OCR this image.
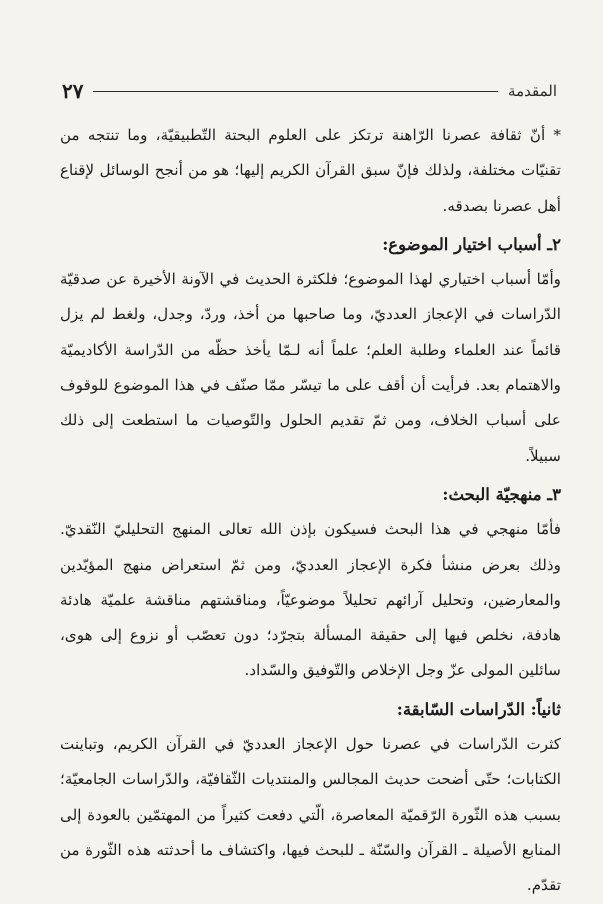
المقدمة
٢٧

* أنّ ثقافة عصرنا الرّاهنة ترتكز على العلوم البحتة التّطبيقيّة، وما تنتجه من تقنيّات مختلفة، ولذلك فإنّ سبق القرآن الكريم إليها؛ هو من أنجح الوسائل لإقناع أهل عصرنا بصدقه.

٢ـ أسباب اختيار الموضوع:

وأمّا أسباب اختياري لهذا الموضوع؛ فلكثرة الحديث في الآونة الأخيرة عن صدقيّة الدّراسات في الإعجاز العدديّ، وما صاحبها من أخذ، وردّ، وجدل، ولغط لم يزل قائماً عند العلماء وطلبة العلم؛ علماً أنه لـمّا يأخذ حظّه من الدّراسة الأكاديميّة والاهتمام بعد. فرأيت أن أقف على ما تيسّر ممّا صنّف في هذا الموضوع للوقوف على أسباب الخلاف، ومن ثمّ تقديم الحلول والتّوصيات ما استطعت إلى ذلك سبيلاً.

٣ـ منهجيّة البحث:

فأمّا منهجي في هذا البحث فسيكون بإذن الله تعالى المنهج التحليليّ النّقديّ. وذلك بعرض منشأ فكرة الإعجاز العدديّ، ومن ثمّ استعراض منهج المؤيّدين والمعارضين، وتحليل آرائهم تحليلاً موضوعيّاً، ومناقشتهم مناقشة علميّة هادئة هادفة، نخلص فيها إلى حقيقة المسألة بتجرّد؛ دون تعصّب أو نزوع إلى هوى، سائلين المولى عزّ وجل الإخلاص والتّوفيق والسّداد.

ثانياً: الدّراسات السّابقة:

كثرت الدّراسات في عصرنا حول الإعجاز العدديّ في القرآن الكريم، وتباينت الكتابات؛ حتّى أضحت حديث المجالس والمنتديات الثّقافيّة، والدّراسات الجامعيّة؛ بسبب هذه الثّورة الرّقميّة المعاصرة، الّتي دفعت كثيراً من المهتمّين بالعودة إلى المنابع الأصيلة ـ القرآن والسّنّة ـ للبحث فيها، واكتشاف ما أحدثته هذه الثّورة من تقدّم.
